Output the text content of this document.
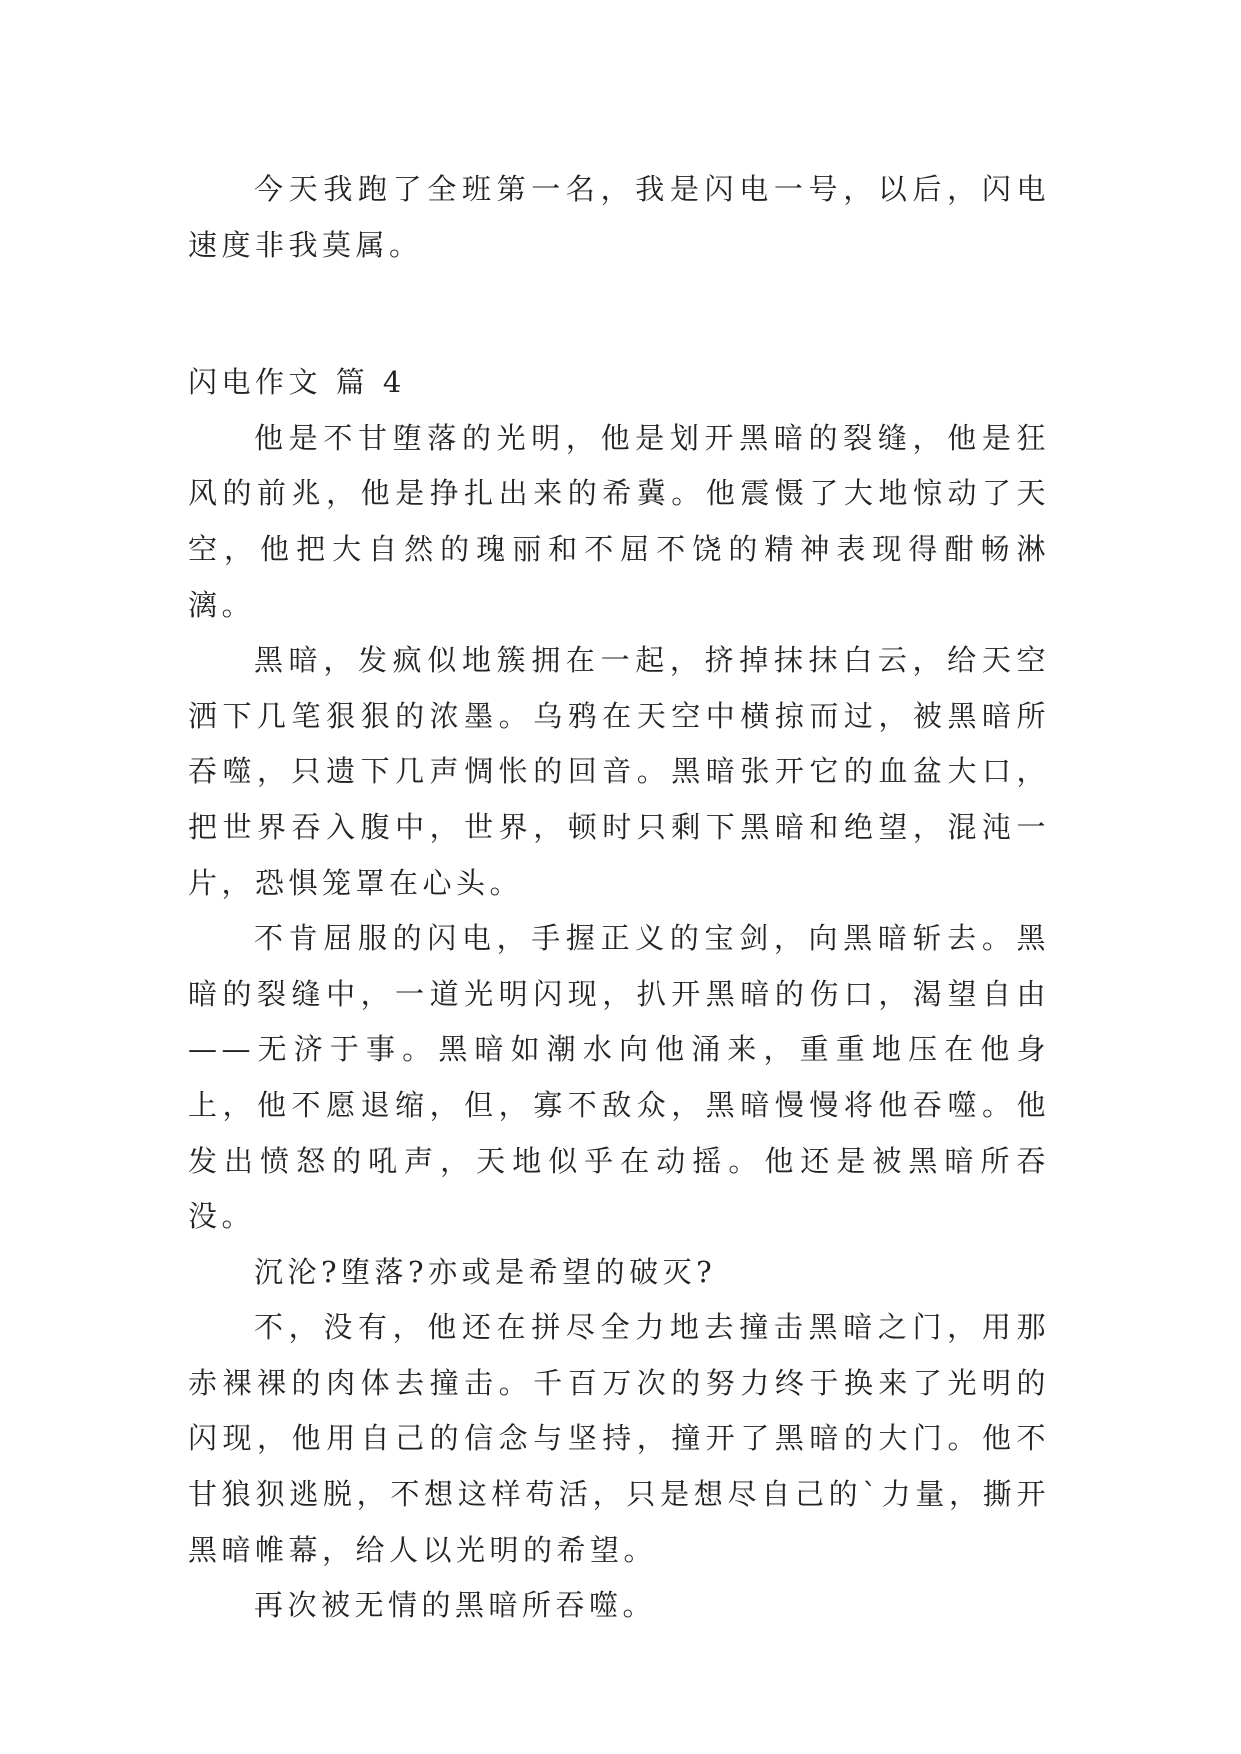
今天我跑了全班第一名，我是闪电一号，以后，闪电速度非我莫属。

闪电作文 篇 4

他是不甘堕落的光明，他是划开黑暗的裂缝，他是狂风的前兆，他是挣扎出来的希冀。他震慑了大地惊动了天空，他把大自然的瑰丽和不屈不饶的精神表现得酣畅淋漓。

黑暗，发疯似地簇拥在一起，挤掉抹抹白云，给天空洒下几笔狠狠的浓墨。乌鸦在天空中横掠而过，被黑暗所吞噬，只遗下几声惆怅的回音。黑暗张开它的血盆大口，把世界吞入腹中，世界，顿时只剩下黑暗和绝望，混沌一片，恐惧笼罩在心头。

不肯屈服的闪电，手握正义的宝剑，向黑暗斩去。黑暗的裂缝中，一道光明闪现，扒开黑暗的伤口，渴望自由——无济于事。黑暗如潮水向他涌来，重重地压在他身上，他不愿退缩，但，寡不敌众，黑暗慢慢将他吞噬。他发出愤怒的吼声，天地似乎在动摇。他还是被黑暗所吞没。

沉沦?堕落?亦或是希望的破灭?

不，没有，他还在拼尽全力地去撞击黑暗之门，用那赤裸裸的肉体去撞击。千百万次的努力终于换来了光明的闪现，他用自己的信念与坚持，撞开了黑暗的大门。他不甘狼狈逃脱，不想这样苟活，只是想尽自己的`力量，撕开黑暗帷幕，给人以光明的希望。

再次被无情的黑暗所吞噬。
